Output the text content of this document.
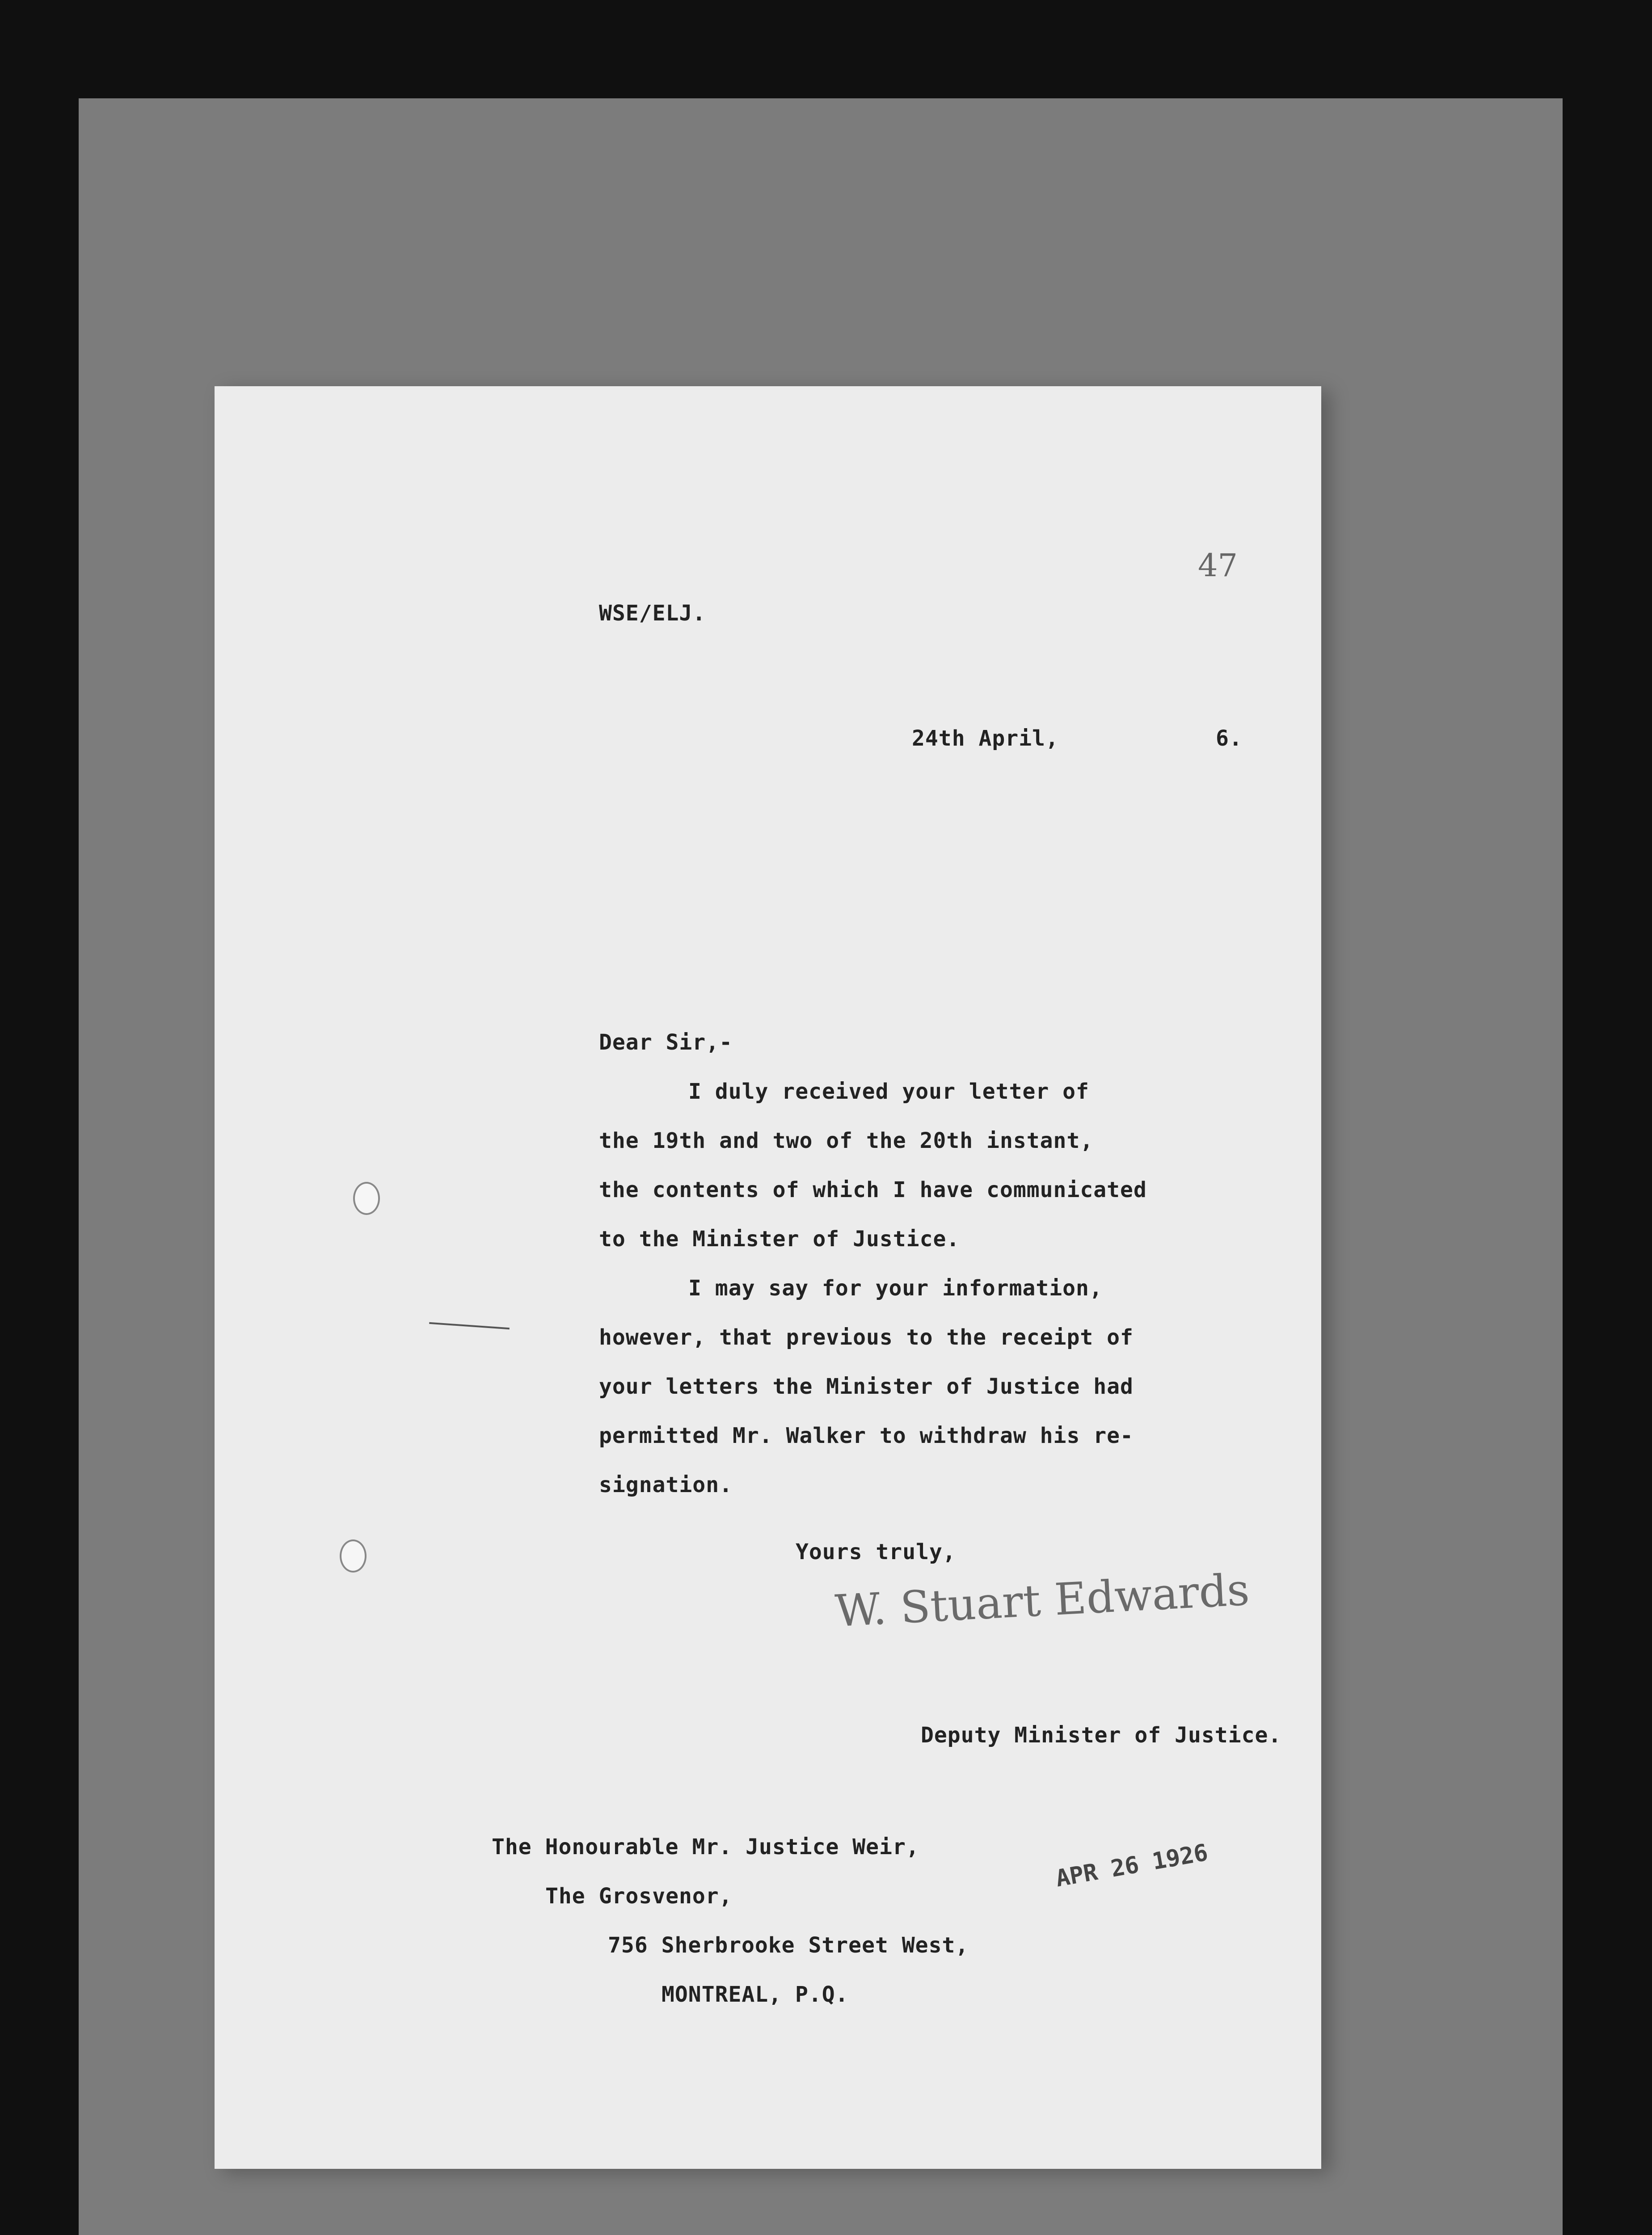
47
WSE/ELJ.
24th April,	6.
Dear Sir,-
I duly received your letter of
the 19th and two of the 20th instant,
the contents of which I have communicated
to the Minister of Justice.
I may say for your information,
however, that previous to the receipt of
your letters the Minister of Justice had
permitted Mr. Walker to withdraw his re-
signation.
Yours truly,
W. Stuart Edwards
Deputy Minister of Justice.
The Honourable Mr. Justice Weir,
The Grosvenor,
756 Sherbrooke Street West,
MONTREAL, P.Q.
APR 26 1926
